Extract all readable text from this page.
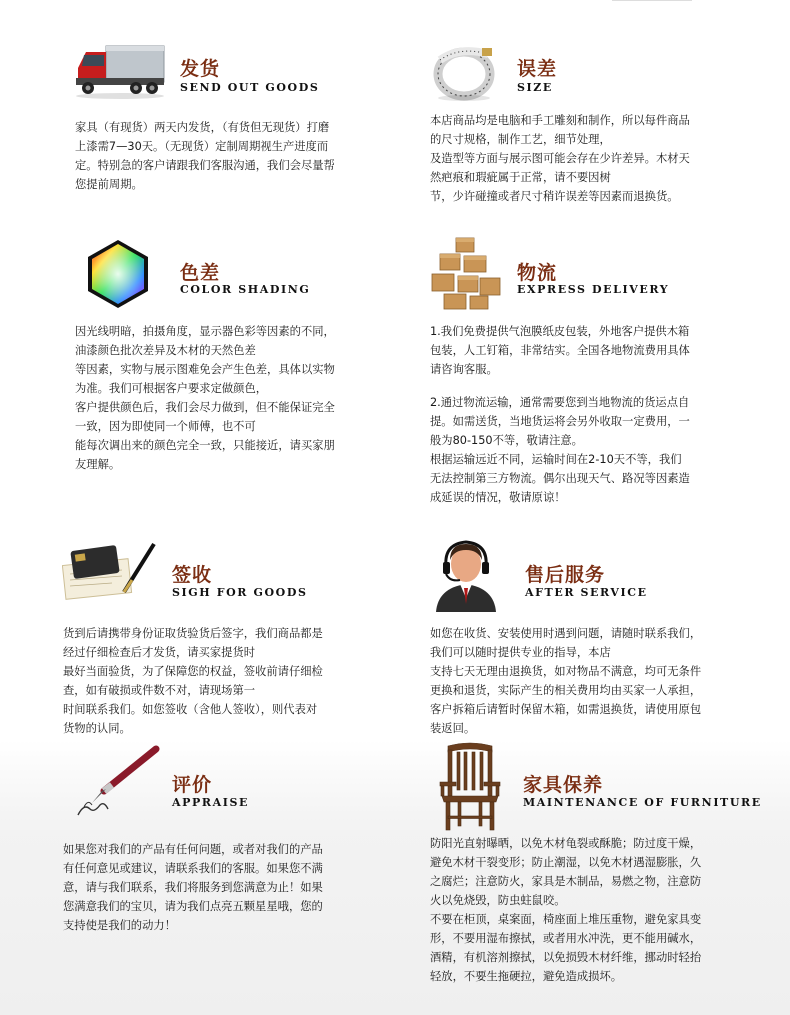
发货
SEND OUT GOODS
家具（有现货）两天内发货，（有货但无现货）打磨
上漆需7—30天。（无现货）定制周期视生产进度而
定。特别急的客户请跟我们客服沟通，我们会尽量帮
您提前周期。
误差
SIZE
本店商品均是电脑和手工雕刻和制作，所以每件商品
的尺寸规格，制作工艺，细节处理，
及造型等方面与展示图可能会存在少许差异。木材天
然疤痕和瑕疵属于正常，请不要因树
节，少许碰撞或者尺寸稍许误差等因素而退换货。
色差
COLOR SHADING
因光线明暗，拍摄角度，显示器色彩等因素的不同，
油漆颜色批次差异及木材的天然色差
等因素，实物与展示图难免会产生色差，具体以实物
为准。我们可根据客户要求定做颜色，
客户提供颜色后，我们会尽力做到，但不能保证完全
一致，因为即使同一个师傅，也不可
能每次调出来的颜色完全一致，只能接近，请买家朋
友理解。
物流
EXPRESS DELIVERY
1.我们免费提供气泡膜纸皮包装，外地客户提供木箱
包装，人工钉箱，非常结实。全国各地物流费用具体
请咨询客服。
2.通过物流运输，通常需要您到当地物流的货运点自
提。如需送货，当地货运将会另外收取一定费用，一
般为80-150不等，敬请注意。
根据运输远近不同，运输时间在2-10天不等，我们
无法控制第三方物流。偶尔出现天气、路况等因素造
成延误的情况，敬请原谅！
签收
SIGH FOR GOODS
货到后请携带身份证取货验货后签字，我们商品都是
经过仔细检查后才发货，请买家提货时
最好当面验货，为了保障您的权益，签收前请仔细检
查，如有破损或件数不对，请现场第一
时间联系我们。如您签收（含他人签收），则代表对
货物的认同。
售后服务
AFTER SERVICE
如您在收货、安装使用时遇到问题，请随时联系我们，
我们可以随时提供专业的指导，本店
支持七天无理由退换货，如对物品不满意，均可无条件
更换和退货，实际产生的相关费用均由买家一人承担，
客户拆箱后请暂时保留木箱，如需退换货，请使用原包
装返回。
评价
APPRAISE
如果您对我们的产品有任何问题，或者对我们的产品
有任何意见或建议，请联系我们的客服。如果您不满
意，请与我们联系，我们将服务到您满意为止！如果
您满意我们的宝贝，请为我们点亮五颗星星哦，您的
支持使是我们的动力！
家具保养
MAINTENANCE OF FURNITURE
防阳光直射曝晒，以免木材龟裂或酥脆；防过度干燥，
避免木材干裂变形；防止潮湿，以免木材遇湿膨胀，久
之腐烂；注意防火，家具是木制品，易燃之物，注意防
火以免烧毁，防虫蛀鼠咬。
不要在柜顶，桌案面，椅座面上堆压重物，避免家具变
形，不要用湿布擦拭，或者用水冲洗，更不能用碱水，
酒精，有机溶剂擦拭，以免损毁木材纤维，挪动时轻抬
轻放，不要生拖硬拉，避免造成损坏。
